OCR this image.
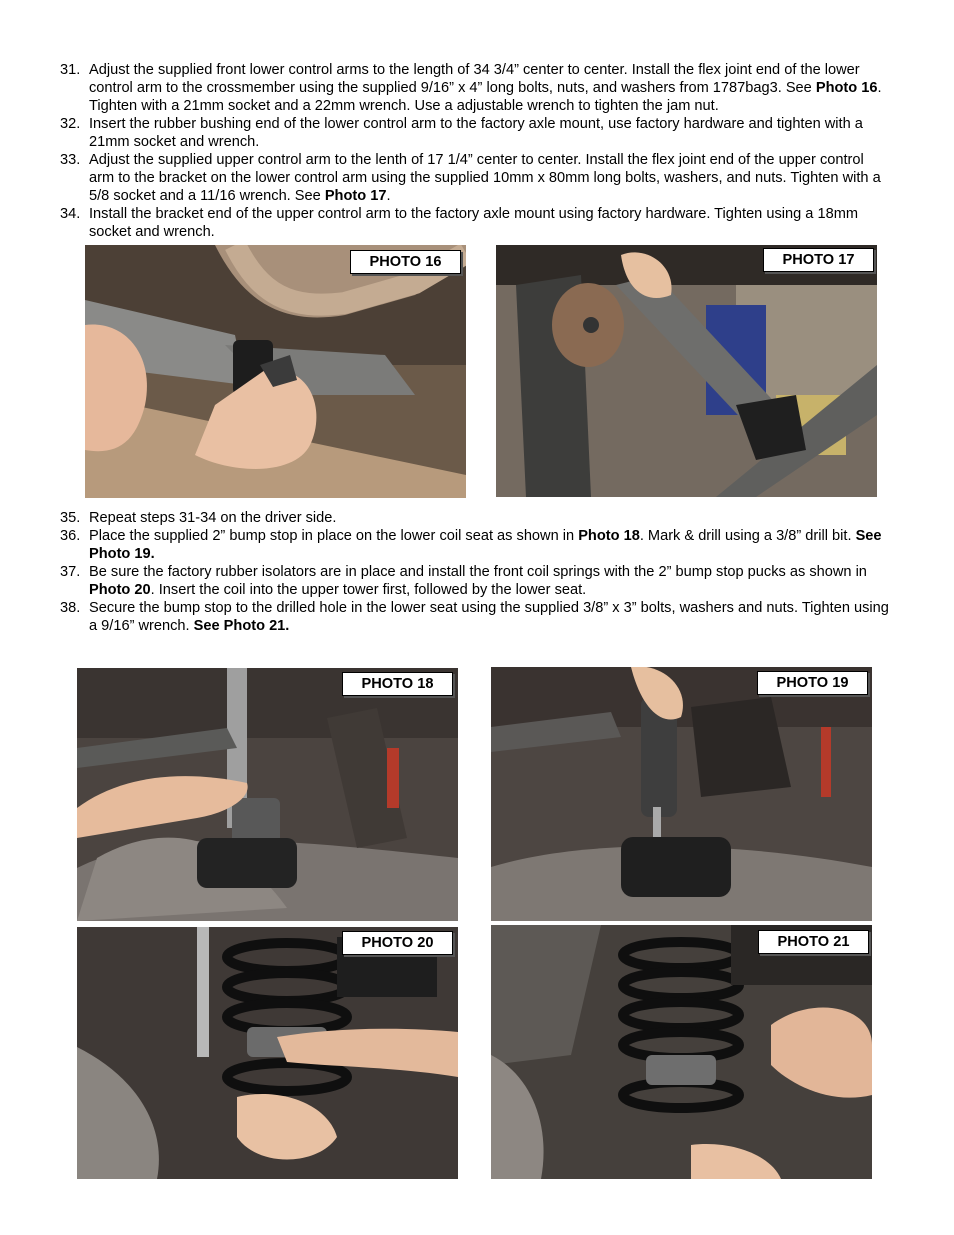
31. Adjust the supplied front lower control arms to the length of 34 3/4” center to center. Install the flex joint end of the lower control arm to the crossmember using the supplied 9/16” x 4” long bolts, nuts, and washers from 1787bag3. See Photo 16. Tighten with a 21mm socket and a 22mm wrench. Use a adjustable wrench to tighten the jam nut.

32. Insert the rubber bushing end of the lower control arm to the factory axle mount, use factory hardware and tighten with a 21mm socket and wrench.

33. Adjust the supplied upper control arm to the lenth of 17 1/4” center to center. Install the flex joint end of the upper control arm to the bracket on the lower control arm using the supplied 10mm x 80mm long bolts, washers, and nuts. Tighten with a 5/8 socket and a 11/16 wrench. See Photo 17.

34. Install the bracket end of the upper control arm to the factory axle mount using factory hardware. Tighten using a 18mm socket and wrench.

PHOTO 16	PHOTO 17

35. Repeat steps 31-34 on the driver side.

36. Place the supplied 2” bump stop in place on the lower coil seat as shown in Photo 18. Mark & drill using a 3/8” drill bit. See Photo 19.

37. Be sure the factory rubber isolators are in place and install the front coil springs with the 2” bump stop pucks as shown in Photo 20. Insert the coil into the upper tower first, followed by the lower seat.

38. Secure the bump stop to the drilled hole in the lower seat using the supplied 3/8” x 3” bolts, washers and nuts. Tighten using a 9/16” wrench. See Photo 21.

PHOTO 18	PHOTO 19
PHOTO 20	PHOTO 21
